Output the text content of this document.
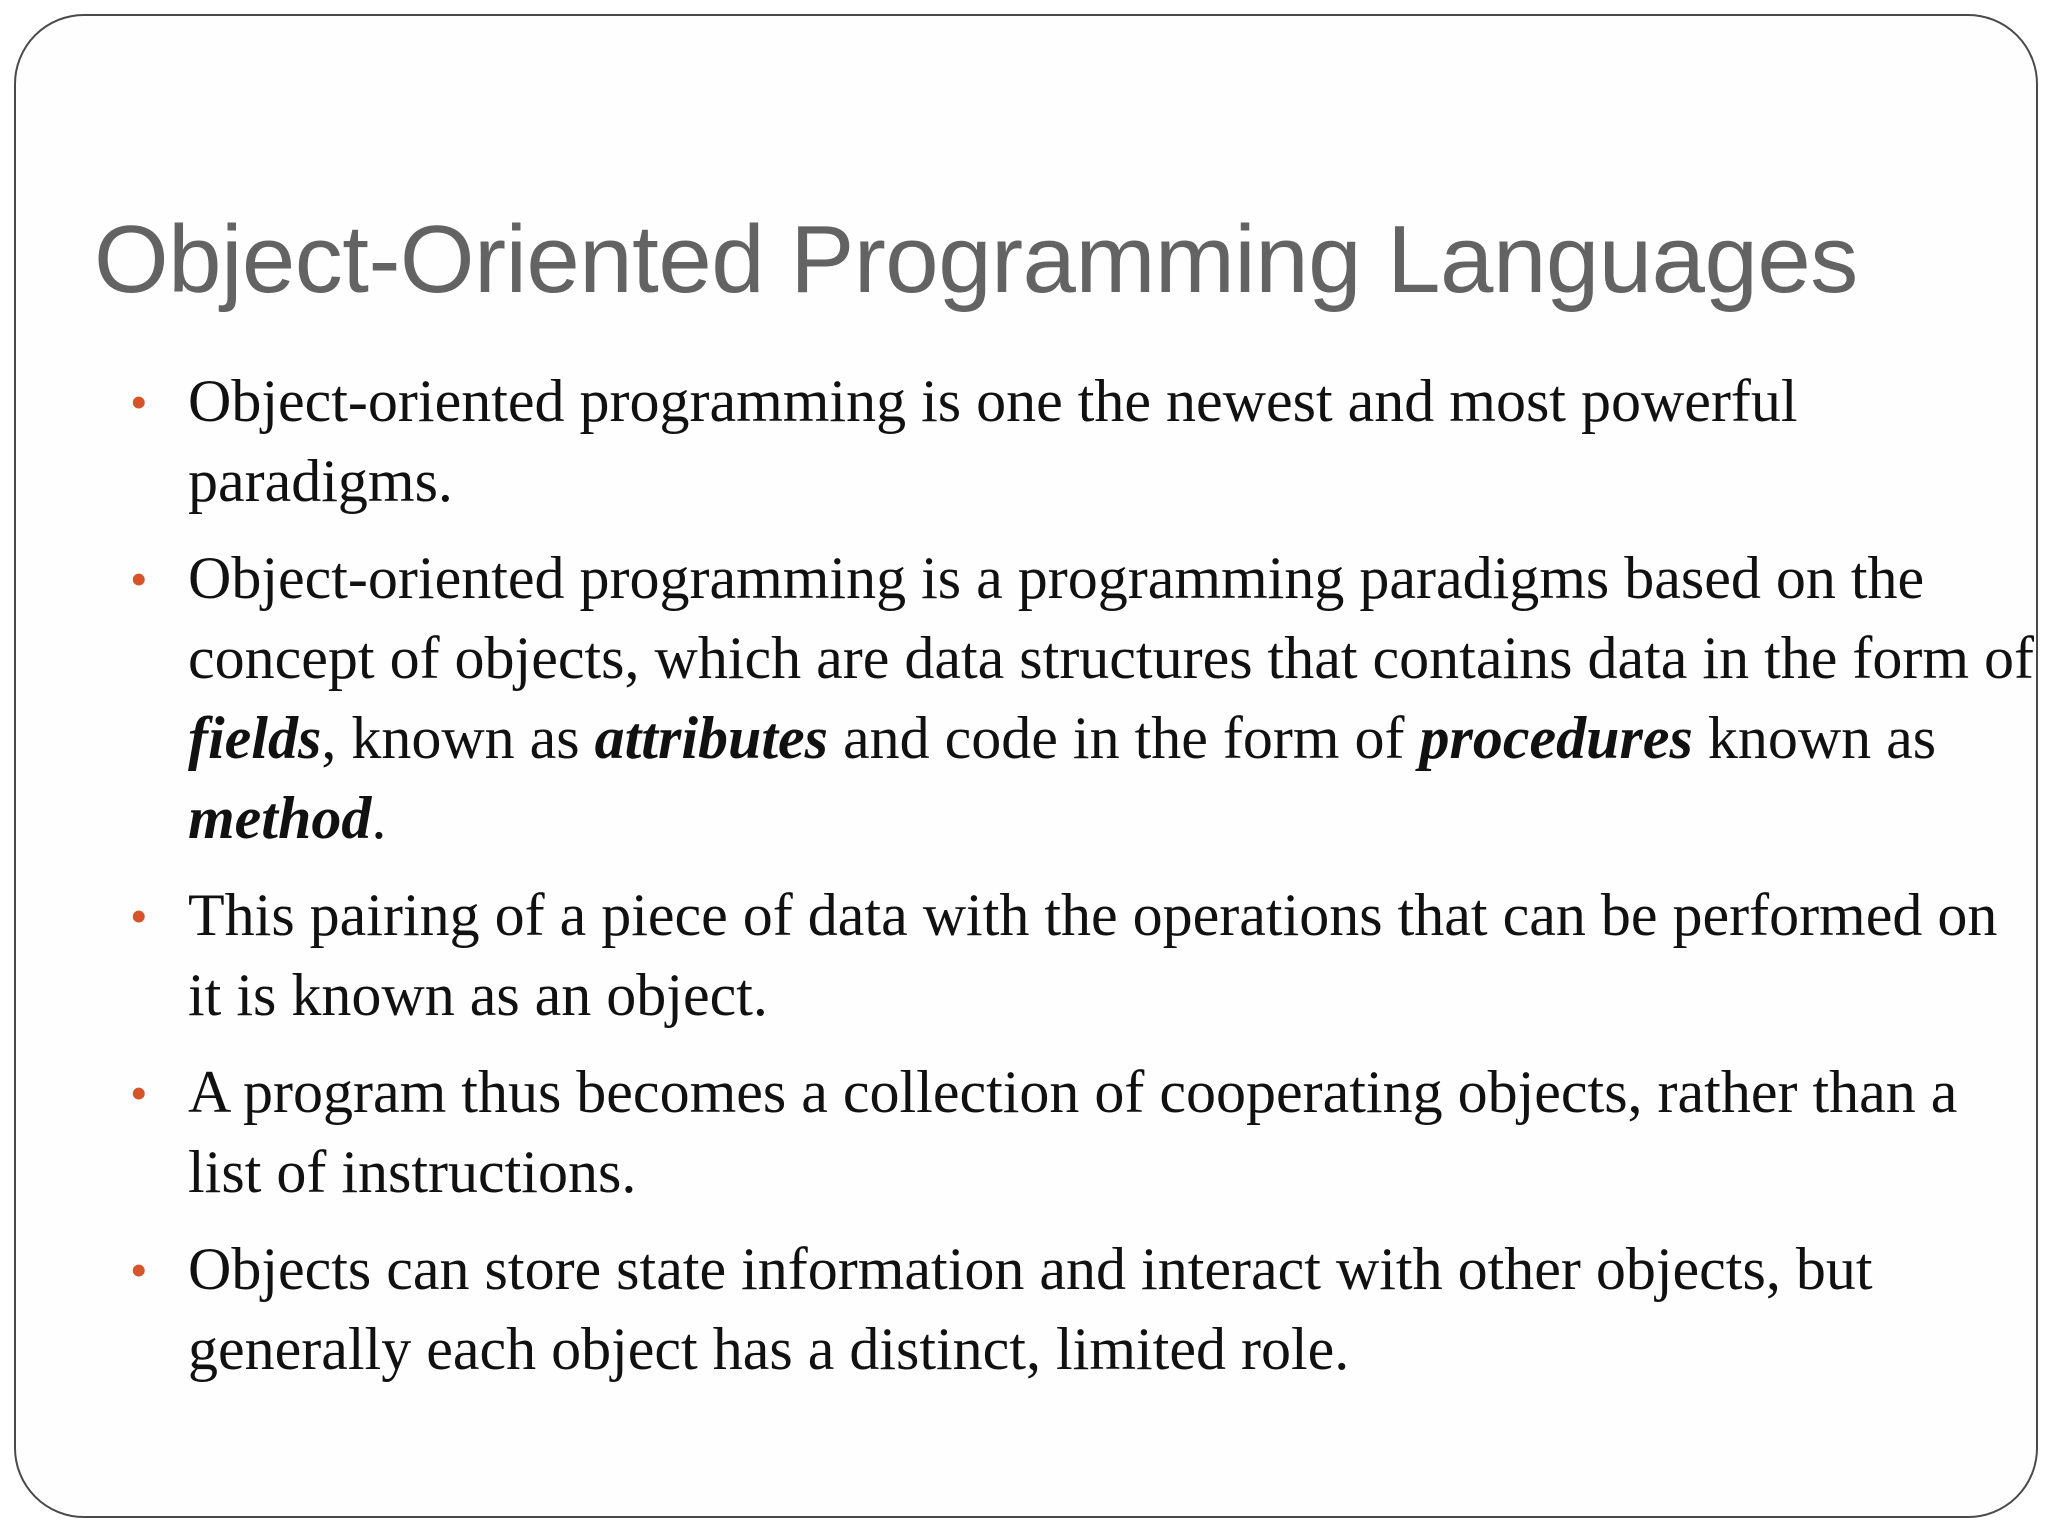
Object-Oriented Programming Languages
• Object-oriented programming is one the newest and most powerful paradigms.
• Object-oriented programming is a programming paradigms based on the concept of objects, which are data structures that contains data in the form of fields, known as attributes and code in the form of procedures known as method.
• This pairing of a piece of data with the operations that can be performed on it is known as an object.
• A program thus becomes a collection of cooperating objects, rather than a list of instructions.
• Objects can store state information and interact with other objects, but generally each object has a distinct, limited role.
